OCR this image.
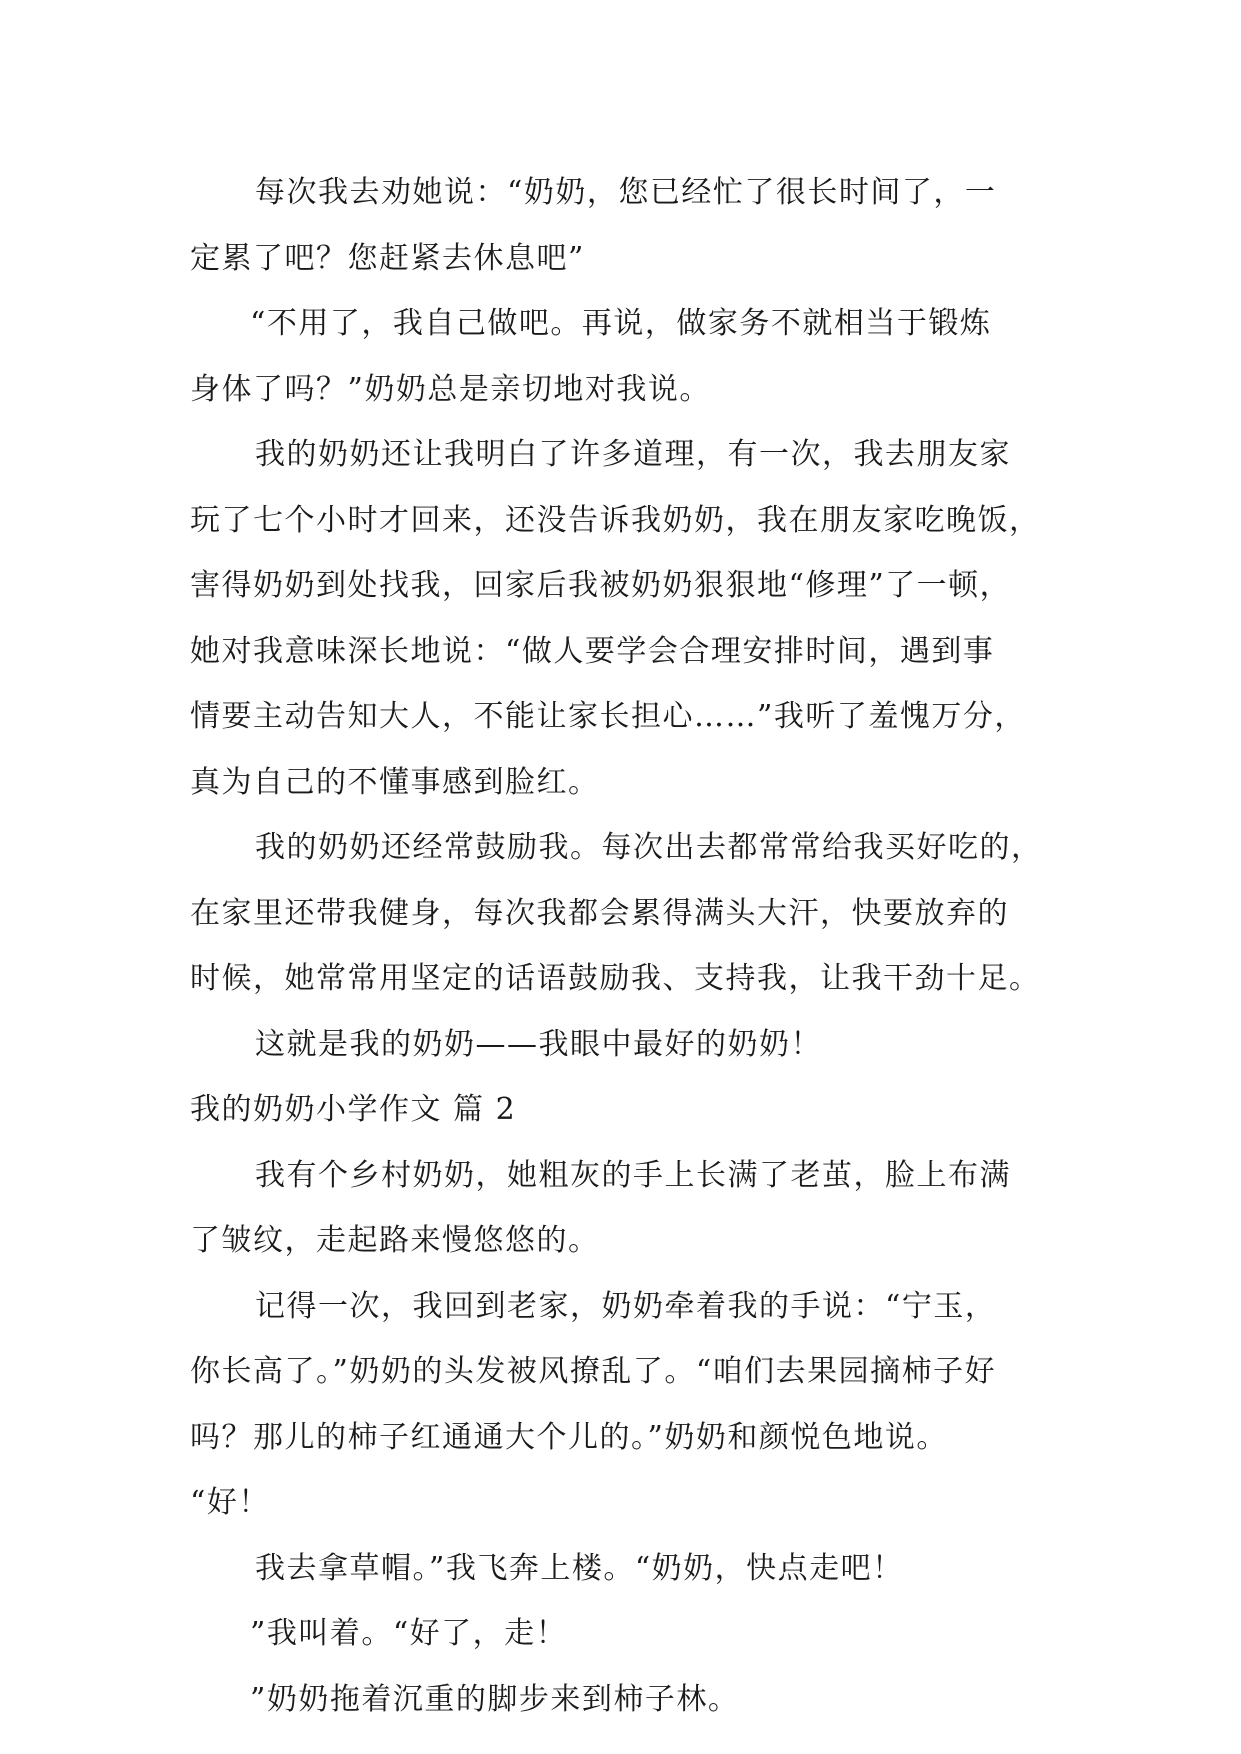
每次我去劝她说：“奶奶，您已经忙了很长时间了，一
定累了吧？您赶紧去休息吧”
“不用了，我自己做吧。再说，做家务不就相当于锻炼
身体了吗？”奶奶总是亲切地对我说。
我的奶奶还让我明白了许多道理，有一次，我去朋友家
玩了七个小时才回来，还没告诉我奶奶，我在朋友家吃晚饭，
害得奶奶到处找我，回家后我被奶奶狠狠地“修理”了一顿，
她对我意味深长地说：“做人要学会合理安排时间，遇到事
情要主动告知大人，不能让家长担心……”我听了羞愧万分，
真为自己的不懂事感到脸红。
我的奶奶还经常鼓励我。每次出去都常常给我买好吃的，
在家里还带我健身，每次我都会累得满头大汗，快要放弃的
时候，她常常用坚定的话语鼓励我、支持我，让我干劲十足。
这就是我的奶奶——我眼中最好的奶奶！
我的奶奶小学作文 篇 2
我有个乡村奶奶，她粗灰的手上长满了老茧，脸上布满
了皱纹，走起路来慢悠悠的。
记得一次，我回到老家，奶奶牵着我的手说：“宁玉，
你长高了。”奶奶的头发被风撩乱了。“咱们去果园摘柿子好
吗？那儿的柿子红通通大个儿的。”奶奶和颜悦色地说。
“好！
我去拿草帽。”我飞奔上楼。“奶奶，快点走吧！
”我叫着。“好了，走！
”奶奶拖着沉重的脚步来到柿子林。
